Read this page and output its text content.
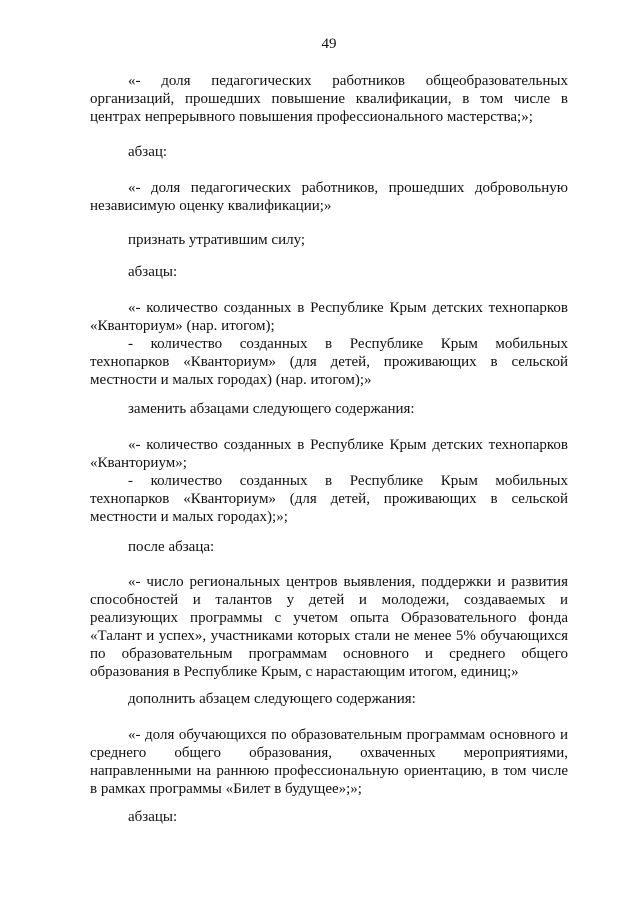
49
«- доля педагогических работников общеобразовательных
организаций, прошедших повышение квалификации, в том числе в
центрах непрерывного повышения профессионального мастерства;»;

абзац:

«- доля педагогических работников, прошедших добровольную
независимую оценку квалификации;»

признать утратившим силу;

абзацы:

«- количество созданных в Республике Крым детских технопарков
«Кванториум» (нар. итогом);
- количество созданных в Республике Крым мобильных
технопарков «Кванториум» (для детей, проживающих в сельской
местности и малых городах) (нар. итогом);»

заменить абзацами следующего содержания:

«- количество созданных в Республике Крым детских технопарков
«Кванториум»;
- количество созданных в Республике Крым мобильных
технопарков «Кванториум» (для детей, проживающих в сельской
местности и малых городах);»;

после абзаца:

«- число региональных центров выявления, поддержки и развития
способностей и талантов у детей и молодежи, создаваемых и
реализующих программы с учетом опыта Образовательного фонда
«Талант и успех», участниками которых стали не менее 5% обучающихся
по образовательным программам основного и среднего общего
образования в Республике Крым, с нарастающим итогом, единиц;»

дополнить абзацем следующего содержания:

«- доля обучающихся по образовательным программам основного и
среднего общего образования, охваченных мероприятиями,
направленными на раннюю профессиональную ориентацию, в том числе
в рамках программы «Билет в будущее»;»;

абзацы:
